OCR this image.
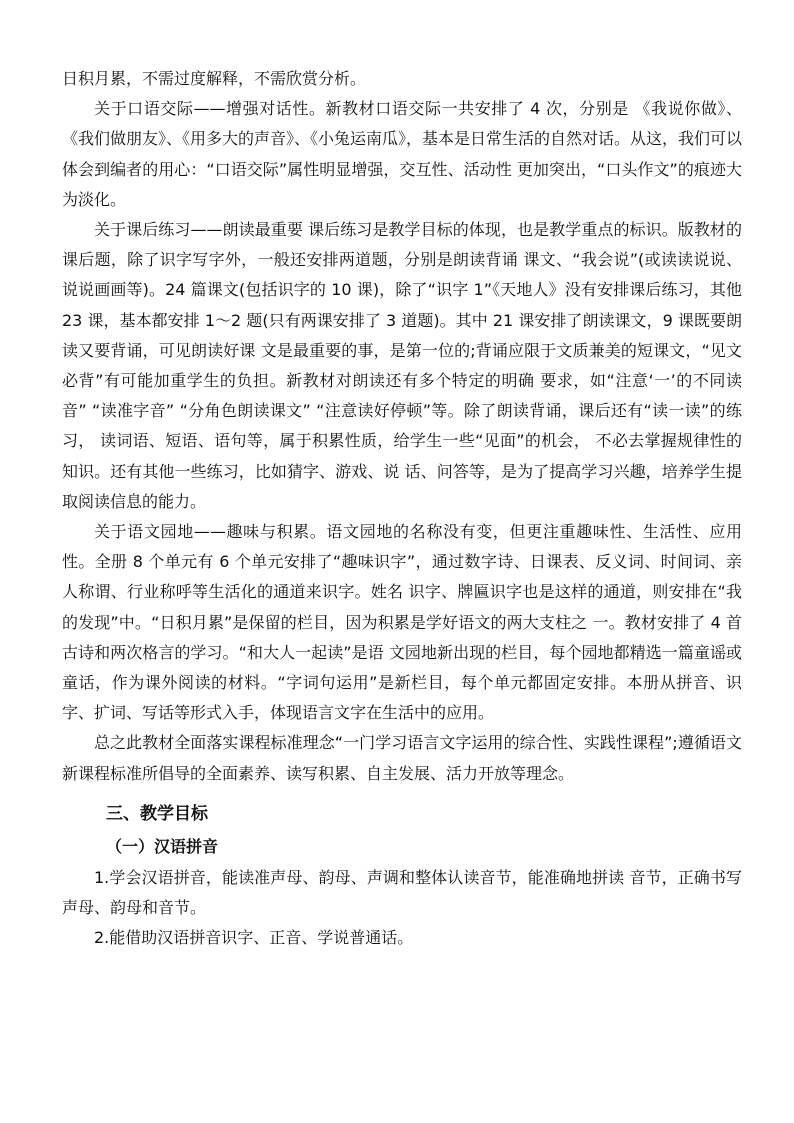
日积月累，不需过度解释，不需欣赏分析。

关于口语交际——增强对话性。新教材口语交际一共安排了 4 次，分别是 《我说你做》、《我们做朋友》、《用多大的声音》、《小兔运南瓜》，基本是日常生活的自然对话。从这，我们可以体会到编者的用心：“口语交际”属性明显增强，交互性、活动性 更加突出，“口头作文”的痕迹大为淡化。

关于课后练习——朗读最重要 课后练习是教学目标的体现，也是教学重点的标识。版教材的课后题，除了识字写字外，一般还安排两道题，分别是朗读背诵 课文、“我会说”(或读读说说、说说画画等)。24 篇课文(包括识字的 10 课)，除了“识字 1”《天地人》没有安排课后练习，其他 23 课，基本都安排 1～2 题(只有两课安排了 3 道题)。其中 21 课安排了朗读课文，9 课既要朗读又要背诵，可见朗读好课 文是最重要的事，是第一位的;背诵应限于文质兼美的短课文，“见文必背”有可能加重学生的负担。新教材对朗读还有多个特定的明确 要求，如“注意‘一’的不同读音” “读准字音” “分角色朗读课文” “注意读好停顿”等。除了朗读背诵，课后还有“读一读”的练习， 读词语、短语、语句等，属于积累性质，给学生一些“见面”的机会， 不必去掌握规律性的知识。还有其他一些练习，比如猜字、游戏、说 话、问答等，是为了提高学习兴趣，培养学生提取阅读信息的能力。

关于语文园地——趣味与积累。语文园地的名称没有变，但更注重趣味性、生活性、应用性。全册 8 个单元有 6 个单元安排了“趣味识字”，通过数字诗、日课表、反义词、时间词、亲人称谓、行业称呼等生活化的通道来识字。姓名 识字、牌匾识字也是这样的通道，则安排在“我的发现”中。“日积月累”是保留的栏目，因为积累是学好语文的两大支柱之 一。教材安排了 4 首古诗和两次格言的学习。“和大人一起读”是语 文园地新出现的栏目，每个园地都精选一篇童谣或童话，作为课外阅读的材料。“字词句运用”是新栏目，每个单元都固定安排。本册从拼音、识字、扩词、写话等形式入手，体现语言文字在生活中的应用。

总之此教材全面落实课程标准理念“一门学习语言文字运用的综合性、实践性课程”;遵循语文新课程标准所倡导的全面素养、读写积累、自主发展、活力开放等理念。

三、教学目标
（一）汉语拼音

1.学会汉语拼音，能读准声母、韵母、声调和整体认读音节，能准确地拼读 音节，正确书写声母、韵母和音节。

2.能借助汉语拼音识字、正音、学说普通话。
